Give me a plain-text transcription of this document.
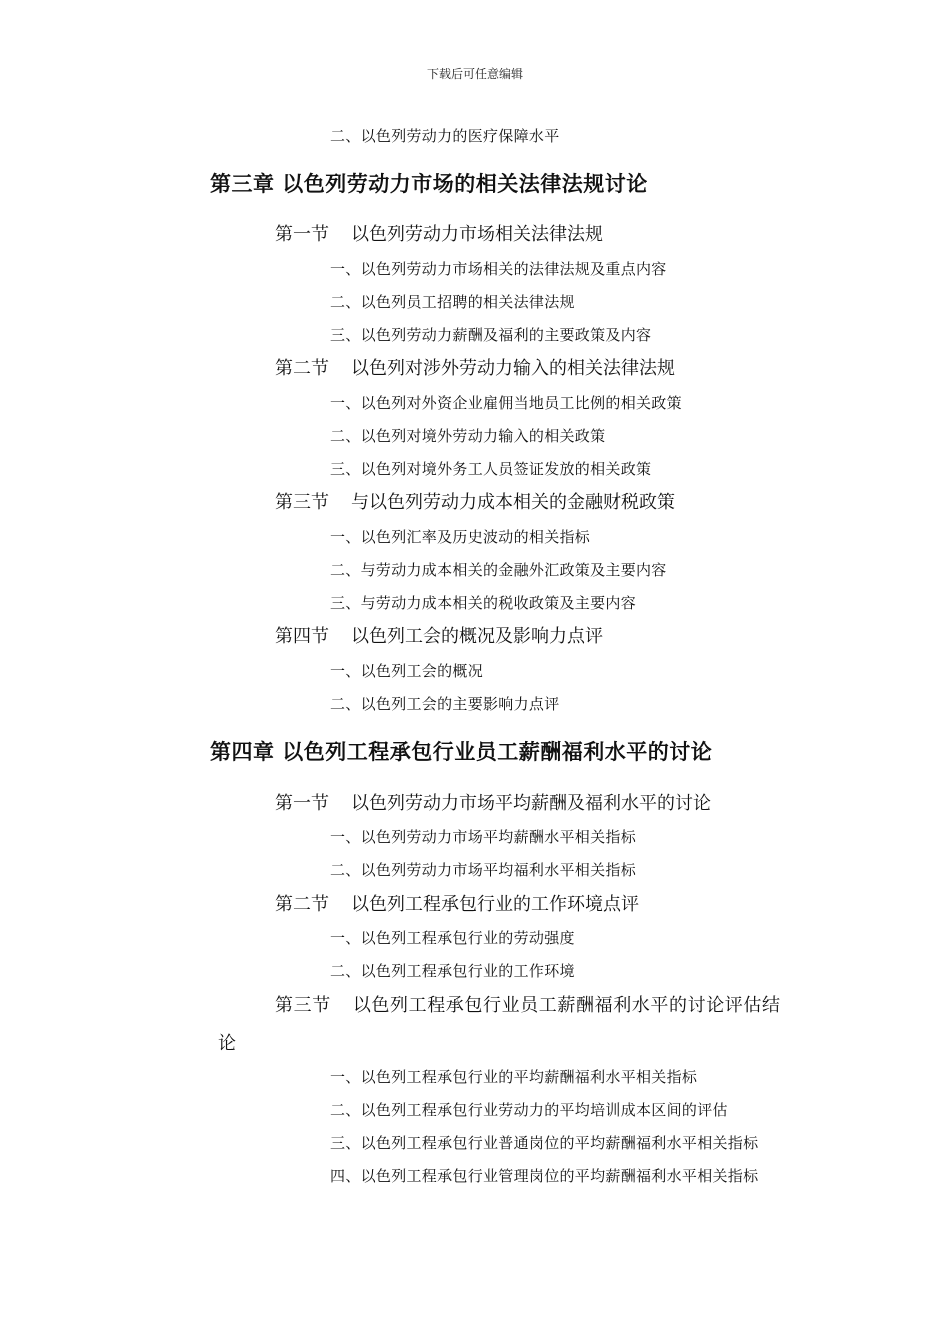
下载后可任意编辑
二、以色列劳动力的医疗保障水平
第三章 以色列劳动力市场的相关法律法规讨论
第一节 以色列劳动力市场相关法律法规
一、以色列劳动力市场相关的法律法规及重点内容
二、以色列员工招聘的相关法律法规
三、以色列劳动力薪酬及福利的主要政策及内容
第二节 以色列对涉外劳动力输入的相关法律法规
一、以色列对外资企业雇佣当地员工比例的相关政策
二、以色列对境外劳动力输入的相关政策
三、以色列对境外务工人员签证发放的相关政策
第三节 与以色列劳动力成本相关的金融财税政策
一、以色列汇率及历史波动的相关指标
二、与劳动力成本相关的金融外汇政策及主要内容
三、与劳动力成本相关的税收政策及主要内容
第四节 以色列工会的概况及影响力点评
一、以色列工会的概况
二、以色列工会的主要影响力点评
第四章 以色列工程承包行业员工薪酬福利水平的讨论
第一节 以色列劳动力市场平均薪酬及福利水平的讨论
一、以色列劳动力市场平均薪酬水平相关指标
二、以色列劳动力市场平均福利水平相关指标
第二节 以色列工程承包行业的工作环境点评
一、以色列工程承包行业的劳动强度
二、以色列工程承包行业的工作环境
第三节 以色列工程承包行业员工薪酬福利水平的讨论评估结
论
一、以色列工程承包行业的平均薪酬福利水平相关指标
二、以色列工程承包行业劳动力的平均培训成本区间的评估
三、以色列工程承包行业普通岗位的平均薪酬福利水平相关指标
四、以色列工程承包行业管理岗位的平均薪酬福利水平相关指标
